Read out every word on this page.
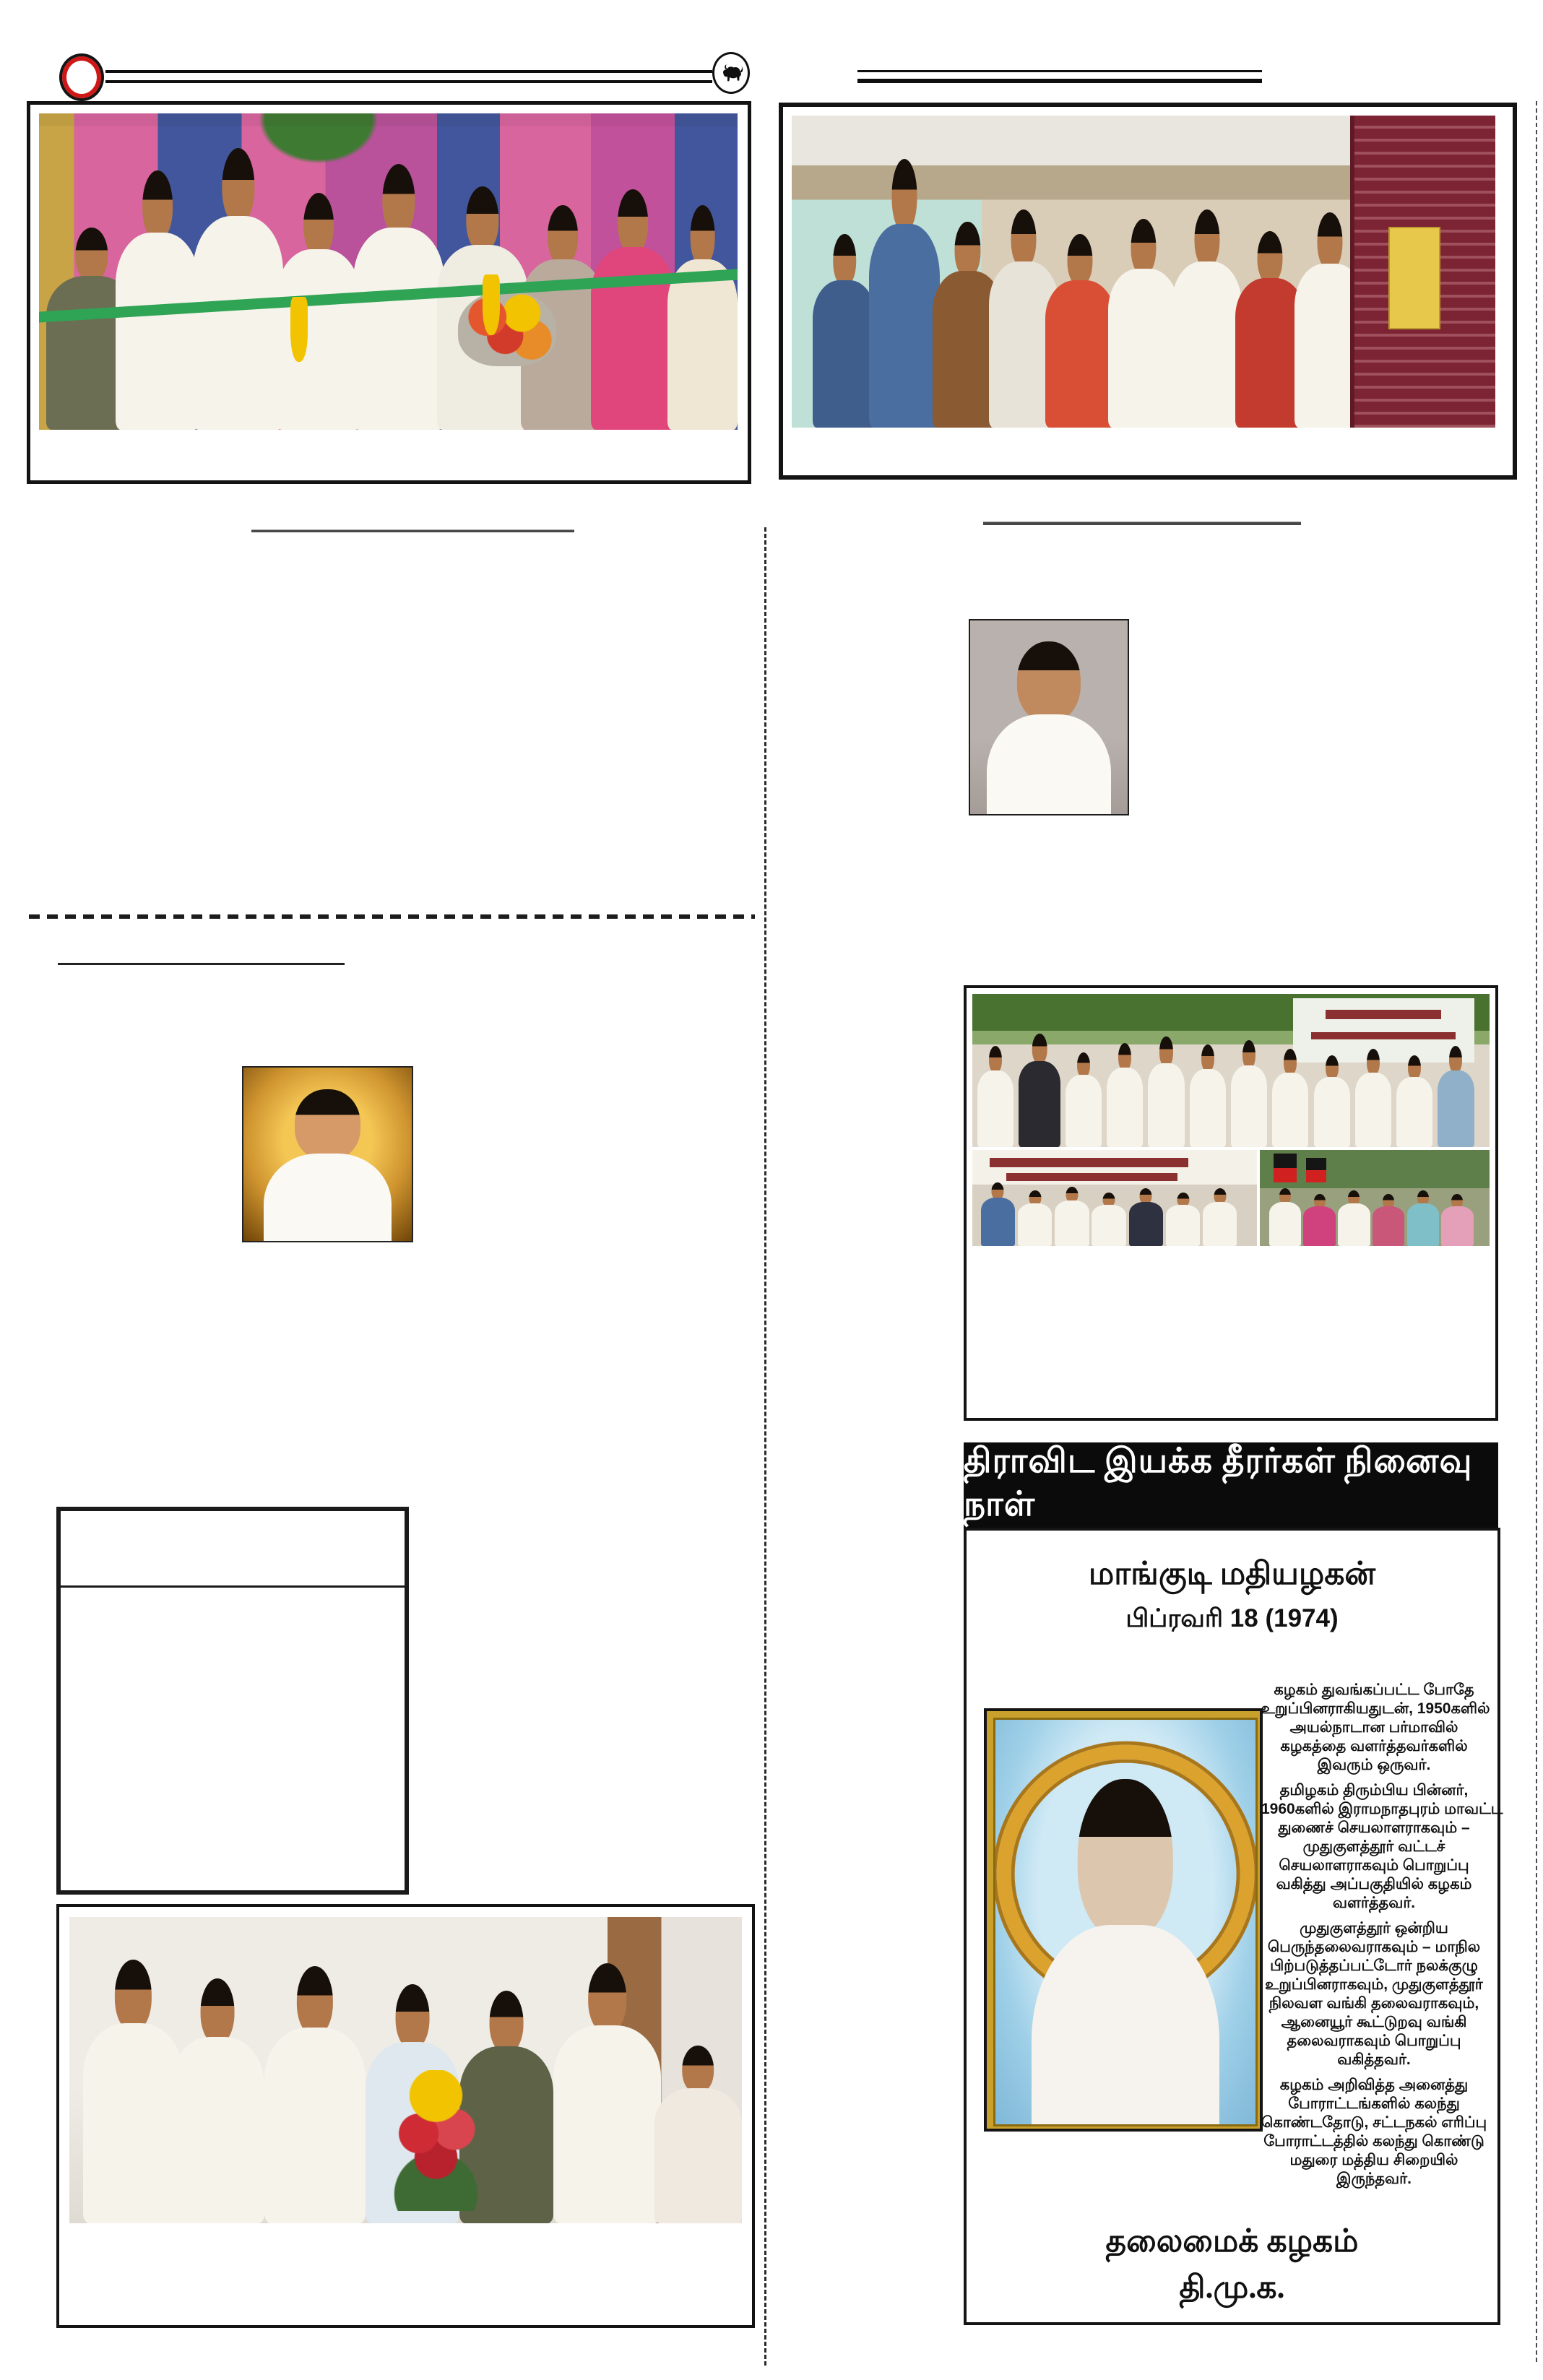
திராவிட இயக்க தீரர்கள் நினைவு நாள்
மாங்குடி மதியழகன்
பிப்ரவரி 18 (1974)
கழகம் துவங்கப்பட்ட போதே
உறுப்பினராகியதுடன், 1950களில்
அயல்நாடான பர்மாவில்
கழகத்தை வளர்த்தவர்களில்
இவரும் ஒருவர்.
தமிழகம் திரும்பிய பின்னர்,
1960களில் இராமநாதபுரம் மாவட்ட
துணைச் செயலாளராகவும் –
முதுகுளத்தூர் வட்டச்
செயலாளராகவும் பொறுப்பு
வகித்து அப்பகுதியில் கழகம்
வளர்த்தவர்.
முதுகுளத்தூர் ஒன்றிய
பெருந்தலைவராகவும் – மாநில
பிற்படுத்தப்பட்டோர் நலக்குழு
உறுப்பினராகவும், முதுகுளத்தூர்
நிலவள வங்கி தலைவராகவும்,
ஆனையூர் கூட்டுறவு வங்கி
தலைவராகவும் பொறுப்பு
வகித்தவர்.
கழகம் அறிவித்த அனைத்து
போராட்டங்களில் கலந்து
கொண்டதோடு, சட்டநகல் எரிப்பு
போராட்டத்தில் கலந்து கொண்டு
மதுரை மத்திய சிறையில்
இருந்தவர்.
தலைமைக் கழகம்
தி.மு.க.
